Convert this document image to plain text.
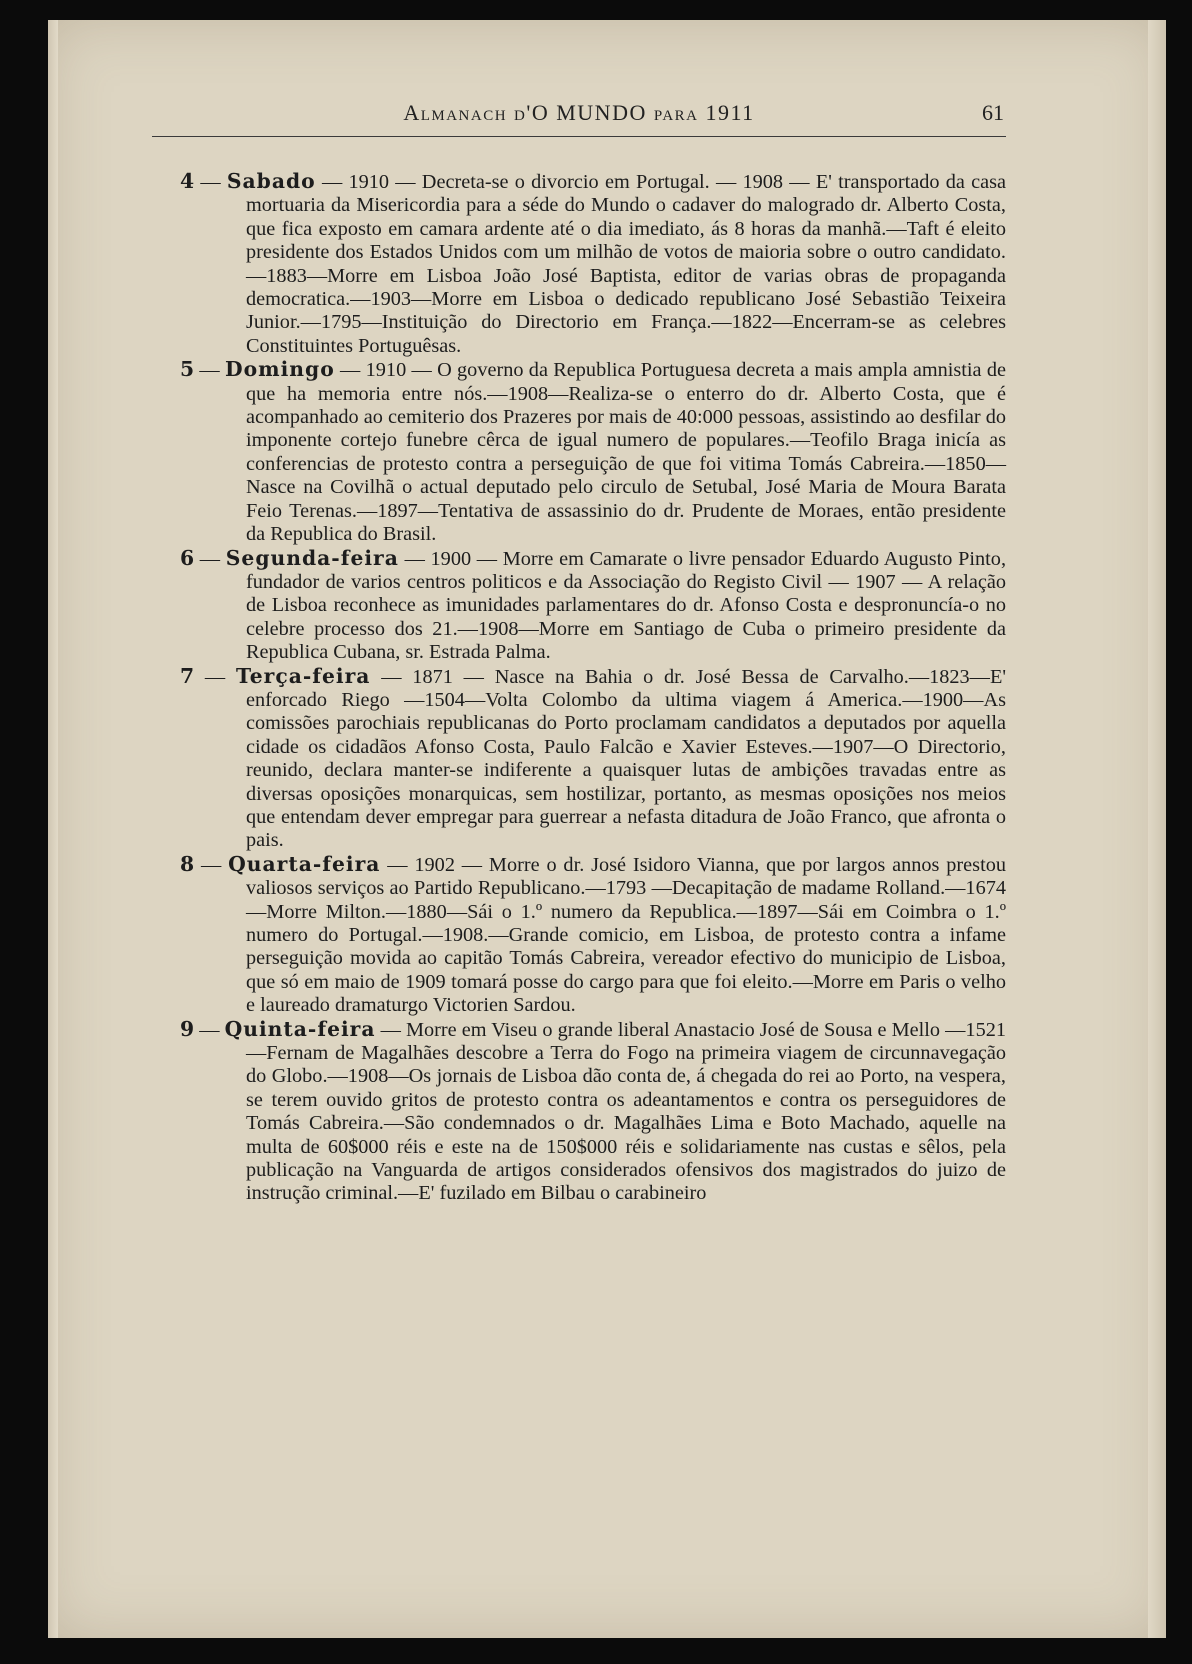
Almanach d'O MUNDO para 1911	61

4 — Sabado — 1910 — Decreta-se o divorcio em Portugal. — 1908 — E' transportado da casa mortuaria da Misericordia para a séde do Mundo o cadaver do malogrado dr. Alberto Costa, que fica exposto em camara ardente até o dia imediato, ás 8 horas da manhã.—Taft é eleito presidente dos Estados Unidos com um milhão de votos de maioria sobre o outro candidato.—1883—Morre em Lisboa João José Baptista, editor de varias obras de propaganda democratica.—1903—Morre em Lisboa o dedicado republicano José Sebastião Teixeira Junior.—1795—Instituição do Directorio em França.—1822—Encerram-se as celebres Constituintes Portuguêsas.

5 — Domingo — 1910 — O governo da Republica Portuguesa decreta a mais ampla amnistia de que ha memoria entre nós.—1908—Realiza-se o enterro do dr. Alberto Costa, que é acompanhado ao cemiterio dos Prazeres por mais de 40:000 pessoas, assistindo ao desfilar do imponente cortejo funebre cêrca de igual numero de populares.—Teofilo Braga inicía as conferencias de protesto contra a perseguição de que foi vitima Tomás Cabreira.—1850—Nasce na Covilhã o actual deputado pelo circulo de Setubal, José Maria de Moura Barata Feio Terenas.—1897—Tentativa de assassinio do dr. Prudente de Moraes, então presidente da Republica do Brasil.

6 — Segunda-feira — 1900 — Morre em Camarate o livre pensador Eduardo Augusto Pinto, fundador de varios centros politicos e da Associação do Registo Civil — 1907 — A relação de Lisboa reconhece as imunidades parlamentares do dr. Afonso Costa e despronuncía-o no celebre processo dos 21.—1908—Morre em Santiago de Cuba o primeiro presidente da Republica Cubana, sr. Estrada Palma.

7 — Terça-feira — 1871 — Nasce na Bahia o dr. José Bessa de Carvalho.—1823—E' enforcado Riego —1504—Volta Colombo da ultima viagem á America.—1900—As comissões parochiais republicanas do Porto proclamam candidatos a deputados por aquella cidade os cidadãos Afonso Costa, Paulo Falcão e Xavier Esteves.—1907—O Directorio, reunido, declara manter-se indiferente a quaisquer lutas de ambições travadas entre as diversas oposições monarquicas, sem hostilizar, portanto, as mesmas oposições nos meios que entendam dever empregar para guerrear a nefasta ditadura de João Franco, que afronta o pais.

8 — Quarta-feira — 1902 — Morre o dr. José Isidoro Vianna, que por largos annos prestou valiosos serviços ao Partido Republicano.—1793 —Decapitação de madame Rolland.—1674—Morre Milton.—1880—Sái o 1.º numero da Republica.—1897—Sái em Coimbra o 1.º numero do Portugal.—1908.—Grande comicio, em Lisboa, de protesto contra a infame perseguição movida ao capitão Tomás Cabreira, vereador efectivo do municipio de Lisboa, que só em maio de 1909 tomará posse do cargo para que foi eleito.—Morre em Paris o velho e laureado dramaturgo Victorien Sardou.

9 — Quinta-feira — Morre em Viseu o grande liberal Anastacio José de Sousa e Mello —1521—Fernam de Magalhães descobre a Terra do Fogo na primeira viagem de circunnavegação do Globo.—1908—Os jornais de Lisboa dão conta de, á chegada do rei ao Porto, na vespera, se terem ouvido gritos de protesto contra os adeantamentos e contra os perseguidores de Tomás Cabreira.—São condemnados o dr. Magalhães Lima e Boto Machado, aquelle na multa de 60$000 réis e este na de 150$000 réis e solidariamente nas custas e sêlos, pela publicação na Vanguarda de artigos considerados ofensivos dos magistrados do juizo de instrução criminal.—E' fuzilado em Bilbau o carabineiro
